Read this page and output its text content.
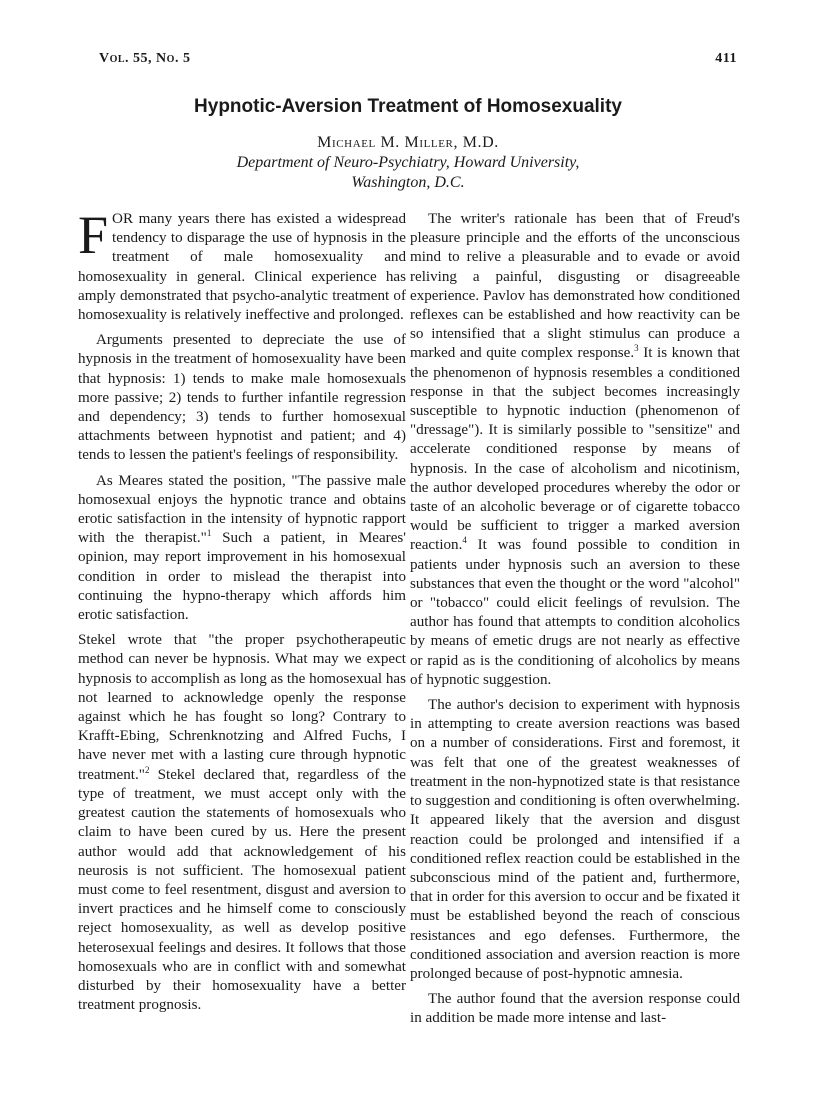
Vol. 55, No. 5	411
Hypnotic-Aversion Treatment of Homosexuality
Michael M. Miller, M.D.
Department of Neuro-Psychiatry, Howard University,
Washington, D.C.

FOR many years there has existed a widespread tendency to disparage the use of hypnosis in the treatment of male homosexuality and homosexuality in general. Clinical experience has amply demonstrated that psycho-analytic treatment of homosexuality is relatively ineffective and prolonged.

Arguments presented to depreciate the use of hypnosis in the treatment of homosexuality have been that hypnosis: 1) tends to make male homosexuals more passive; 2) tends to further infantile regression and dependency; 3) tends to further homosexual attachments between hypnotist and patient; and 4) tends to lessen the patient's feelings of responsibility.

As Meares stated the position, "The passive male homosexual enjoys the hypnotic trance and obtains erotic satisfaction in the intensity of hypnotic rapport with the therapist."$^1$ Such a patient, in Meares' opinion, may report improvement in his homosexual condition in order to mislead the therapist into continuing the hypno-therapy which affords him erotic satisfaction.

Stekel wrote that "the proper psychotherapeutic method can never be hypnosis. What may we expect hypnosis to accomplish as long as the homosexual has not learned to acknowledge openly the response against which he has fought so long? Contrary to Krafft-Ebing, Schrenknotzing and Alfred Fuchs, I have never met with a lasting cure through hypnotic treatment."$^2$ Stekel declared that, regardless of the type of treatment, we must accept only with the greatest caution the statements of homosexuals who claim to have been cured by us. Here the present author would add that acknowledgement of his neurosis is not sufficient. The homosexual patient must come to feel resentment, disgust and aversion to invert practices and he himself come to consciously reject homosexuality, as well as develop positive heterosexual feelings and desires. It follows that those homosexuals who are in conflict with and somewhat disturbed by their homosexuality have a better treatment prognosis.

The writer's rationale has been that of Freud's pleasure principle and the efforts of the unconscious mind to relive a pleasurable and to evade or avoid reliving a painful, disgusting or disagreeable experience. Pavlov has demonstrated how conditioned reflexes can be established and how reactivity can be so intensified that a slight stimulus can produce a marked and quite complex response.$^3$ It is known that the phenomenon of hypnosis resembles a conditioned response in that the subject becomes increasingly susceptible to hypnotic induction (phenomenon of "dressage"). It is similarly possible to "sensitize" and accelerate conditioned response by means of hypnosis. In the case of alcoholism and nicotinism, the author developed procedures whereby the odor or taste of an alcoholic beverage or of cigarette tobacco would be sufficient to trigger a marked aversion reaction.$^4$ It was found possible to condition in patients under hypnosis such an aversion to these substances that even the thought or the word "alcohol" or "tobacco" could elicit feelings of revulsion. The author has found that attempts to condition alcoholics by means of emetic drugs are not nearly as effective or rapid as is the conditioning of alcoholics by means of hypnotic suggestion.

The author's decision to experiment with hypnosis in attempting to create aversion reactions was based on a number of considerations. First and foremost, it was felt that one of the greatest weaknesses of treatment in the non-hypnotized state is that resistance to suggestion and conditioning is often overwhelming. It appeared likely that the aversion and disgust reaction could be prolonged and intensified if a conditioned reflex reaction could be established in the subconscious mind of the patient and, furthermore, that in order for this aversion to occur and be fixated it must be established beyond the reach of conscious resistances and ego defenses. Furthermore, the conditioned association and aversion reaction is more prolonged because of post-hypnotic amnesia.

The author found that the aversion response could in addition be made more intense and last-
